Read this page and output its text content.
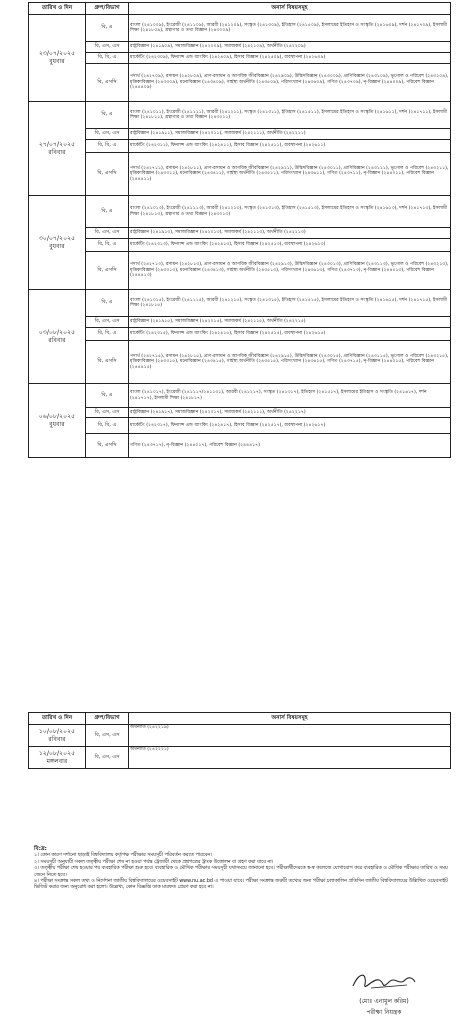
তারিখ ও দিন	গ্রুপ/বিভাগ	অনার্স বিষয়সমূহ

২৩/০৭/২০২৫
বুধবার	বি, এ	বাংলা (২৪১০০৯), ইংরেজী (২৪১১০৯), আরবী (২৪১২০৯), সংস্কৃত (২৪১৩০৯), ইতিহাস (২৪১৫০৯), ইসলামের ইতিহাস ও সংস্কৃতি (২৪১৬০৯), দর্শন (২৪১৭০৯), ইসলামী শিক্ষা (২৪১৮০৯), গ্রন্থাগার ও তথ্য বিজ্ঞান (২৪৩০০৯)
	বি, এস, এস	রাষ্ট্রবিজ্ঞান (২৪১৯০৯), সমাজবিজ্ঞান (২৪২০০৯), সমাজকর্ম (২৪২১০৯), অর্থনীতি (২৪২২০৯)
	বি, বি, এ	মার্কেটিং (২৪২৩০৯), ফিন্যান্স এন্ড ব্যাংকিং (২৪২৪০৯), হিসাব বিজ্ঞান (২৪২৫০৯), ব্যবস্থাপনা (২৪২৬০৯)
	বি, এসসি	পদার্থ (২৪২৭০৯), রসায়ন (২৪২৮০৯), প্রাণ-রসায়ন ও আণবিক জীববিজ্ঞান (২৪২৯০৯), উদ্ভিদবিজ্ঞান (২৪৩০০৯), প্রাণিবিজ্ঞান (২৪৩১০৯), ভূগোল ও পরিবেশ (২৪৩২০৯), মৃত্তিকাবিজ্ঞান (২৪৩৩০৯), মনোবিজ্ঞান (২৪৩৪০৯), গার্হস্থ্য অর্থনীতি (২৪৩৫০৯), পরিসংখ্যান (২৪৩৬০৯), গণিত (২৪৩৭০৯), নৃ-বিজ্ঞান (২৪৪০০৯), পরিবেশ বিজ্ঞান (২৪৪৪০৯)

২৭/০৭/২০২৫
রবিবার	বি, এ	বাংলা (২৪১০১১), ইংরেজী (২৪১১১১), আরবী (২৪১২১১), সংস্কৃত (২৪১৩১১), ইতিহাস (২৪১৫১১), ইসলামের ইতিহাস ও সংস্কৃতি (২৪১৬১১), দর্শন (২৪১৭১১), ইসলামী শিক্ষা (২৪১৮১১), গ্রন্থাগার ও তথ্য বিজ্ঞান (২৪৩০১১)
	বি, এস, এস	রাষ্ট্রবিজ্ঞান (২৪১৯১১), সমাজবিজ্ঞান (২৪২০১১), সমাজকর্ম (২৪২১১১), অর্থনীতি (২৪২২১১)
	বি, বি, এ	মার্কেটিং (২৪২৩১১), ফিন্যান্স এন্ড ব্যাংকিং (২৪২৪১১), হিসাব বিজ্ঞান (২৪২৫১১), ব্যবস্থাপনা (২৪২৬১১)
	বি, এসসি	পদার্থ (২৪২৭১১), রসায়ন (২৪২৮১১), প্রাণ-রসায়ন ও আণবিক জীববিজ্ঞান (২৪২৯১১), উদ্ভিদবিজ্ঞান (২৪৩০১১), প্রাণিবিজ্ঞান (২৪৩১১১), ভূগোল ও পরিবেশ (২৪৩২১১), মৃত্তিকাবিজ্ঞান (২৪৩৩১১), মনোবিজ্ঞান (২৪৩৪১১), গার্হস্থ্য অর্থনীতি (২৪৩৫১১), পরিসংখ্যান (২৪৩৬১১), গণিত (২৪৩৭১১), নৃ-বিজ্ঞান (২৪৪০১১), পরিবেশ বিজ্ঞান (২৪৪৪১১)

৩০/০৭/২০২৫
বুধবার	বি, এ	বাংলা (২৪১০১৩), ইংরেজী (২৪১১১৩), আরবী (২৪১২১৩), সংস্কৃত (২৪১৩১৩), ইতিহাস (২৪১৫১৩), ইসলামের ইতিহাস ও সংস্কৃতি (২৪১৬১৩), দর্শন (২৪১৭১৩), ইসলামী শিক্ষা (২৪১৮১৩), গ্রন্থাগার ও তথ্য বিজ্ঞান (২৪৩০১৩)
	বি, এস, এস	রাষ্ট্রবিজ্ঞান (২৪১৯১৩), সমাজবিজ্ঞান (২৪২০১৩), সমাজকর্ম (২৪২১১৩), অর্থনীতি (২৪২২১৩)
	বি, বি, এ	মার্কেটিং (২৪২৩১৩), ফিন্যান্স এন্ড ব্যাংকিং (২৪২৪১৩), হিসাব বিজ্ঞান (২৪২৫১৩), ব্যবস্থাপনা (২৪২৬১৩)
	বি, এসসি	পদার্থ (২৪২৭১৩), রসায়ন (২৪২৮১৩), প্রাণ-রসায়ন ও আণবিক জীববিজ্ঞান (২৪২৯১৩), উদ্ভিদবিজ্ঞান (২৪৩০১৩), প্রাণিবিজ্ঞান (২৪৩১১৩), ভূগোল ও পরিবেশ (২৪৩২১৩), মৃত্তিকাবিজ্ঞান (২৪৩৩১৩), মনোবিজ্ঞান (২৪৩৪১৩), গার্হস্থ্য অর্থনীতি (২৪৩৫১৩), পরিসংখ্যান (২৪৩৬১৩), গণিত (২৪৩৭১৩), নৃ-বিজ্ঞান (২৪৪০১৩), পরিবেশ বিজ্ঞান (২৪৪৪১৩)

০৩/০৮/২০২৫
রবিবার	বি, এ	বাংলা (২৪১০১৫), ইংরেজী (২৪১১১৫), আরবী (২৪১২১৫), সংস্কৃত (২৪১৩১৫), ইতিহাস (২৪১৫১৫), ইসলামের ইতিহাস ও সংস্কৃতি (২৪১৬১৫), দর্শন (২৪১৭১৫), ইসলামী শিক্ষা (২৪১৮১৫)
	বি, এস, এস	রাষ্ট্রবিজ্ঞান (২৪১৯১৫), সমাজবিজ্ঞান (২৪২০১৫), সমাজকর্ম (২৪২১১৫), অর্থনীতি (২৪২২১৫)
	বি, বি, এ	মার্কেটিং (২৪২৩১৫), ফিন্যান্স এন্ড ব্যাংকিং (২৪২৪১৫), হিসাব বিজ্ঞান (২৪২৫১৫), ব্যবস্থাপনা (২৪২৬১৫)
	বি, এসসি	পদার্থ (২৪২৭১৫), রসায়ন (২৪২৮১৫), প্রাণ-রসায়ন ও আণবিক জীববিজ্ঞান (২৪২৯১৫), উদ্ভিদবিজ্ঞান (২৪৩০১৫), প্রাণিবিজ্ঞান (২৪৩১১৫), ভূগোল ও পরিবেশ (২৪৩২১৫), মৃত্তিকাবিজ্ঞান (২৪৩৩১৫), মনোবিজ্ঞান (২৪৩৪১৫), গার্হস্থ্য অর্থনীতি (২৪৩৫১৫), পরিসংখ্যান (২৪৩৬১৫), গণিত (২৪৩৭১৫), নৃ-বিজ্ঞান (২৪৪০১৫), পরিবেশ বিজ্ঞান (২৪৪৪১৫)

০৬/০৮/২০২৫
বুধবার	বি, এ	বাংলা (২৪১০১৭), ইংরেজী (২৪১১১৭/২৪১১৩১), আরবী (২৪১২১৭), সংস্কৃত (২৪১৩১৭), ইতিহাস (২৪১৫১৭), ইসলামের ইতিহাস ও সংস্কৃতি (২৪১৬১৭), দর্শন (২৪১৭১৭), ইসলামী শিক্ষা (২৪১৮১৭)
	বি, এস, এস	রাষ্ট্রবিজ্ঞান (২৪১৯১৭), সমাজবিজ্ঞান (২৪২০১৭), সমাজকর্ম (২৪২১১১), অর্থনীতি (২৪২২১৭)
	বি, বি, এ	মার্কেটিং (২৪২৩১৭), ফিন্যান্স এন্ড ব্যাংকিং (২৪২৪১৭), হিসাব বিজ্ঞান (২৪২৫১৭), ব্যবস্থাপনা (২৪২৬১৭)
	বি, এসসি	গণিত (২৪৩৭১৭), নৃ-বিজ্ঞান (২৪৪০১৭), পরিবেশ বিজ্ঞান (২৪৪৪১৭)
তারিখ ও দিন	গ্রুপ/বিভাগ	অনার্স বিষয়সমূহ

১০/০৮/২০২৫
রবিবার	বি, এস, এস	অর্থনীতি (২৪২২১৯)

১২/০৮/২০২৫
মঙ্গলবার	বি, এস, এস	অর্থনীতি (২৪২২২১)
বি:দ্র:

১। কোন কারণ দর্শানো ছাড়াই বিশ্ববিদ্যালয় কর্তৃপক্ষ পরীক্ষার সময়সূচী পরিবর্তন করতে পারবেন।

২। সময়সূচী অনুযায়ী সকল তত্ত্বীয় পরীক্ষা শেষ না হওয়া পর্যন্ত ট্রেজারী থেকে প্রশ্নপত্রের ট্রাংক উত্তোলন বা গ্রহণ করা যাবে না।

৩। তত্ত্বীয় পরীক্ষা শেষ হওয়ার পর ব্যবহারিক পরীক্ষা শুরু হবে। ব্যবহারিক ও মৌখিক পরীক্ষার সময়সূচী যথাসময়ে জানানো হবে। পরীক্ষার্থীদেরকে স্ব-স্ব কলেজে যোগাযোগ করে ব্যবহারিক ও মৌখিক পরীক্ষার তারিখ ও সময় জেনে নিতে হবে।

৪। পরীক্ষা সংক্রান্ত সকল তথ্য ও নির্দেশনা জাতীয় বিশ্ববিদ্যালয়ের ওয়েবসাইট www.nu.ac.bd এ পাওয়া যাবে। পরীক্ষা সংক্রান্ত জরুরী তথ্যের জন্য পরীক্ষা চলাকালিন প্রতিদিন জাতীয় বিশ্ববিদ্যালয়ের উল্লিখিত ওয়েবসাইট ভিজিট করার জন্য অনুরোধ করা হলো। উল্লেখ্য, কোন বিজ্ঞপ্তি ডাক মারফত প্রেরণ করা হবে না।

(মোঃ এনামুল করিম)
পরীক্ষা নিয়ন্ত্রক
